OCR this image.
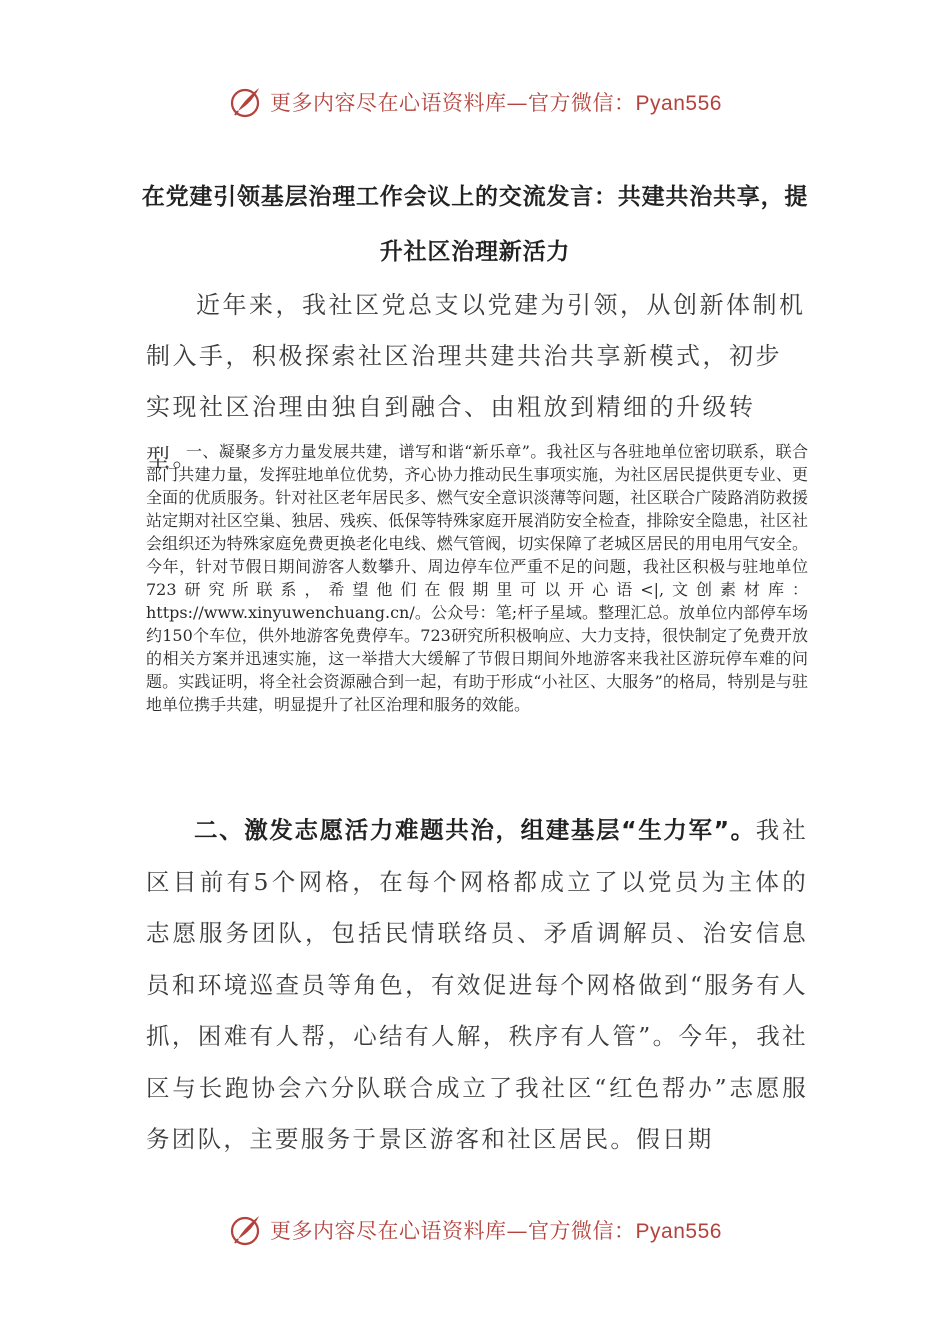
更多内容尽在心语资料库—官方微信：Pyan556
在党建引领基层治理工作会议上的交流发言：共建共治共享，提升社区治理新活力

近年来，我社区党总支以党建为引领，从创新体制机制入手，积极探索社区治理共建共治共享新模式，初步实现社区治理由独自到融合、由粗放到精细的升级转型。

一、凝聚多方力量发展共建，谱写和谐“新乐章”。我社区与各驻地单位密切联系，联合部门共建力量，发挥驻地单位优势，齐心协力推动民生事项实施，为社区居民提供更专业、更全面的优质服务。针对社区老年居民多、燃气安全意识淡薄等问题，社区联合广陵路消防救援站定期对社区空巢、独居、残疾、低保等特殊家庭开展消防安全检查，排除安全隐患，社区社会组织还为特殊家庭免费更换老化电线、燃气管阀，切实保障了老城区居民的用电用气安全。今年，针对节假日期间游客人数攀升、周边停车位严重不足的问题，我社区积极与驻地单位723研究所联系，希望他们在假期里可以开心语<|,文创素材库：https://www.xinyuwenchuang.cn/。公众号：笔;杆子星域。整理汇总。放单位内部停车场约150个车位，供外地游客免费停车。723研究所积极响应、大力支持，很快制定了免费开放的相关方案并迅速实施，这一举措大大缓解了节假日期间外地游客来我社区游玩停车难的问题。实践证明，将全社会资源融合到一起，有助于形成“小社区、大服务”的格局，特别是与驻地单位携手共建，明显提升了社区治理和服务的效能。

二、激发志愿活力难题共治，组建基层“生力军”。我社区目前有5个网格，在每个网格都成立了以党员为主体的志愿服务团队，包括民情联络员、矛盾调解员、治安信息员和环境巡查员等角色，有效促进每个网格做到“服务有人抓，困难有人帮，心结有人解，秩序有人管”。今年，我社区与长跑协会六分队联合成立了我社区“红色帮办”志愿服务团队，主要服务于景区游客和社区居民。假日期

更多内容尽在心语资料库—官方微信：Pyan556
